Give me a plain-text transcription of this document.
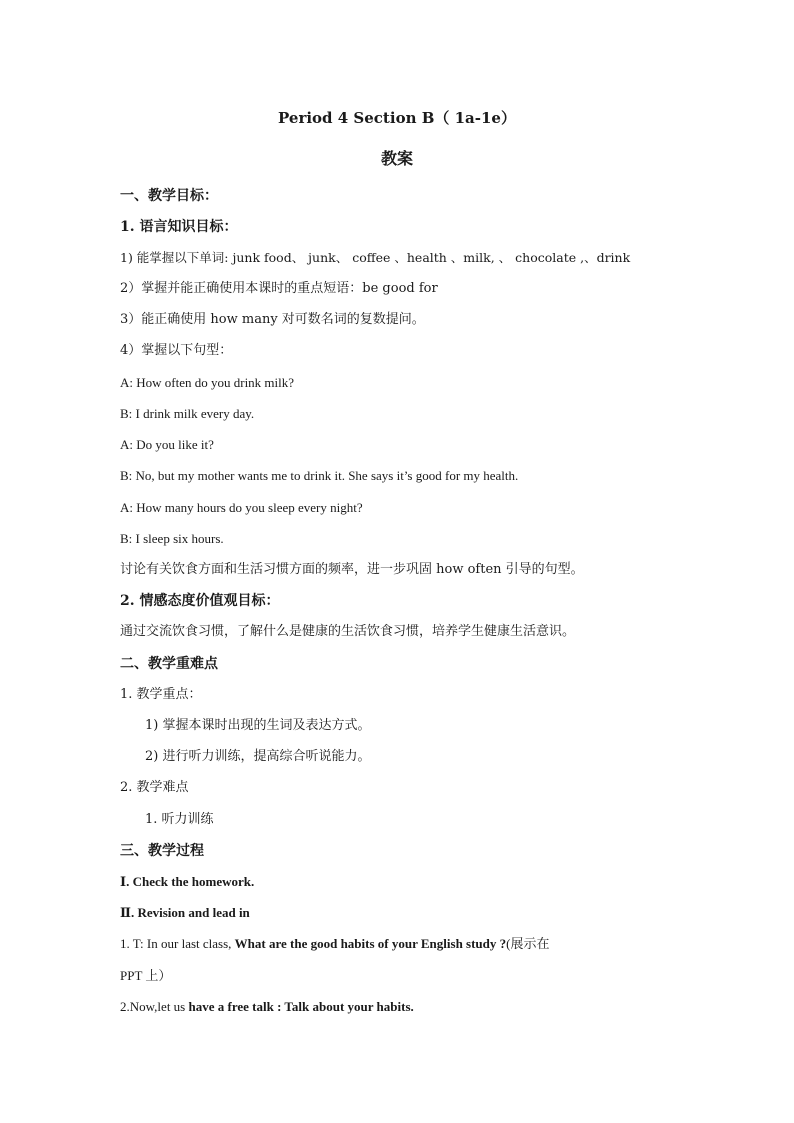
Period 4 Section B（ 1a-1e）
教案
一、教学目标：
1. 语言知识目标：
1) 能掌握以下单词: junk food、 junk、 coffee 、health 、milk, 、 chocolate ,、drink
2）掌握并能正确使用本课时的重点短语：be good for
3）能正确使用 how many 对可数名词的复数提问。
4）掌握以下句型：
A: How often do you drink milk?
B: I drink milk every day.
A: Do you like it?
B: No, but my mother wants me to drink it. She says it’s good for my health.
A: How many hours do you sleep every night?
B: I sleep six hours.
讨论有关饮食方面和生活习惯方面的频率，进一步巩固 how often 引导的句型。
2. 情感态度价值观目标：
通过交流饮食习惯，了解什么是健康的生活饮食习惯，培养学生健康生活意识。
二、教学重难点
1. 教学重点：
1) 掌握本课时出现的生词及表达方式。
2) 进行听力训练，提高综合听说能力。
2. 教学难点
1. 听力训练
三、教学过程
Ⅰ. Check the homework.
Ⅱ. Revision and lead in
1. T: In our last class, What are the good habits of your English study ?(展示在
PPT 上）
2.Now,let us have a free talk : Talk about your habits.
